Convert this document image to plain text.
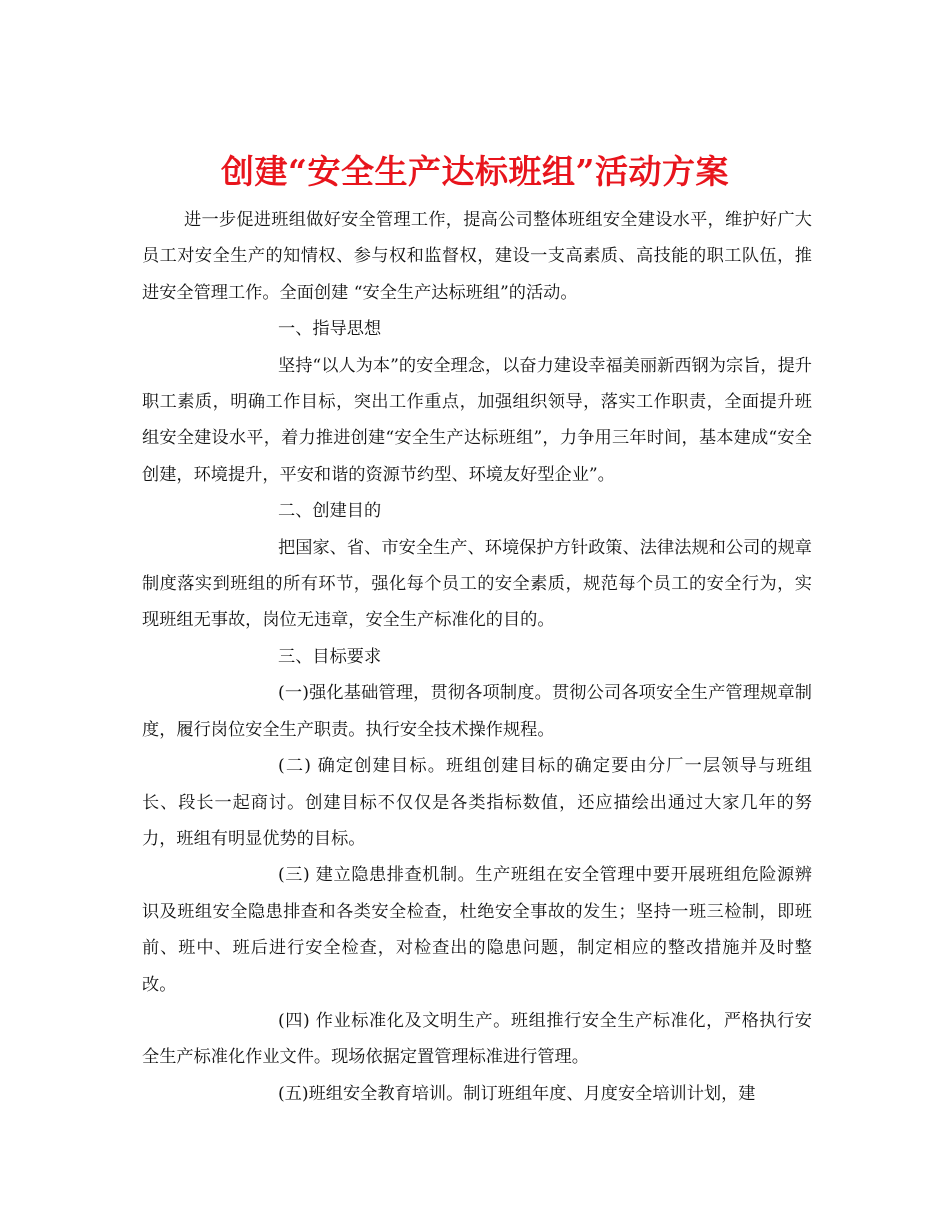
创建“安全生产达标班组”活动方案

进一步促进班组做好安全管理工作，提高公司整体班组安全建设水平，维护好广大员工对安全生产的知情权、参与权和监督权，建设一支高素质、高技能的职工队伍，推进安全管理工作。全面创建 “安全生产达标班组”的活动。

一、指导思想

坚持“以人为本”的安全理念，以奋力建设幸福美丽新西钢为宗旨，提升职工素质，明确工作目标，突出工作重点，加强组织领导，落实工作职责，全面提升班组安全建设水平，着力推进创建“安全生产达标班组”，力争用三年时间，基本建成“安全创建，环境提升，平安和谐的资源节约型、环境友好型企业”。

二、创建目的

把国家、省、市安全生产、环境保护方针政策、法律法规和公司的规章制度落实到班组的所有环节，强化每个员工的安全素质，规范每个员工的安全行为，实现班组无事故，岗位无违章，安全生产标准化的目的。

三、目标要求

(一)强化基础管理，贯彻各项制度。贯彻公司各项安全生产管理规章制度，履行岗位安全生产职责。执行安全技术操作规程。

(二) 确定创建目标。班组创建目标的确定要由分厂一层领导与班组长、段长一起商讨。创建目标不仅仅是各类指标数值，还应描绘出通过大家几年的努力，班组有明显优势的目标。

(三) 建立隐患排查机制。生产班组在安全管理中要开展班组危险源辨识及班组安全隐患排查和各类安全检查，杜绝安全事故的发生；坚持一班三检制，即班前、班中、班后进行安全检查，对检查出的隐患问题，制定相应的整改措施并及时整改。

(四) 作业标准化及文明生产。班组推行安全生产标准化，严格执行安全生产标准化作业文件。现场依据定置管理标准进行管理。

(五)班组安全教育培训。制订班组年度、月度安全培训计划，建
